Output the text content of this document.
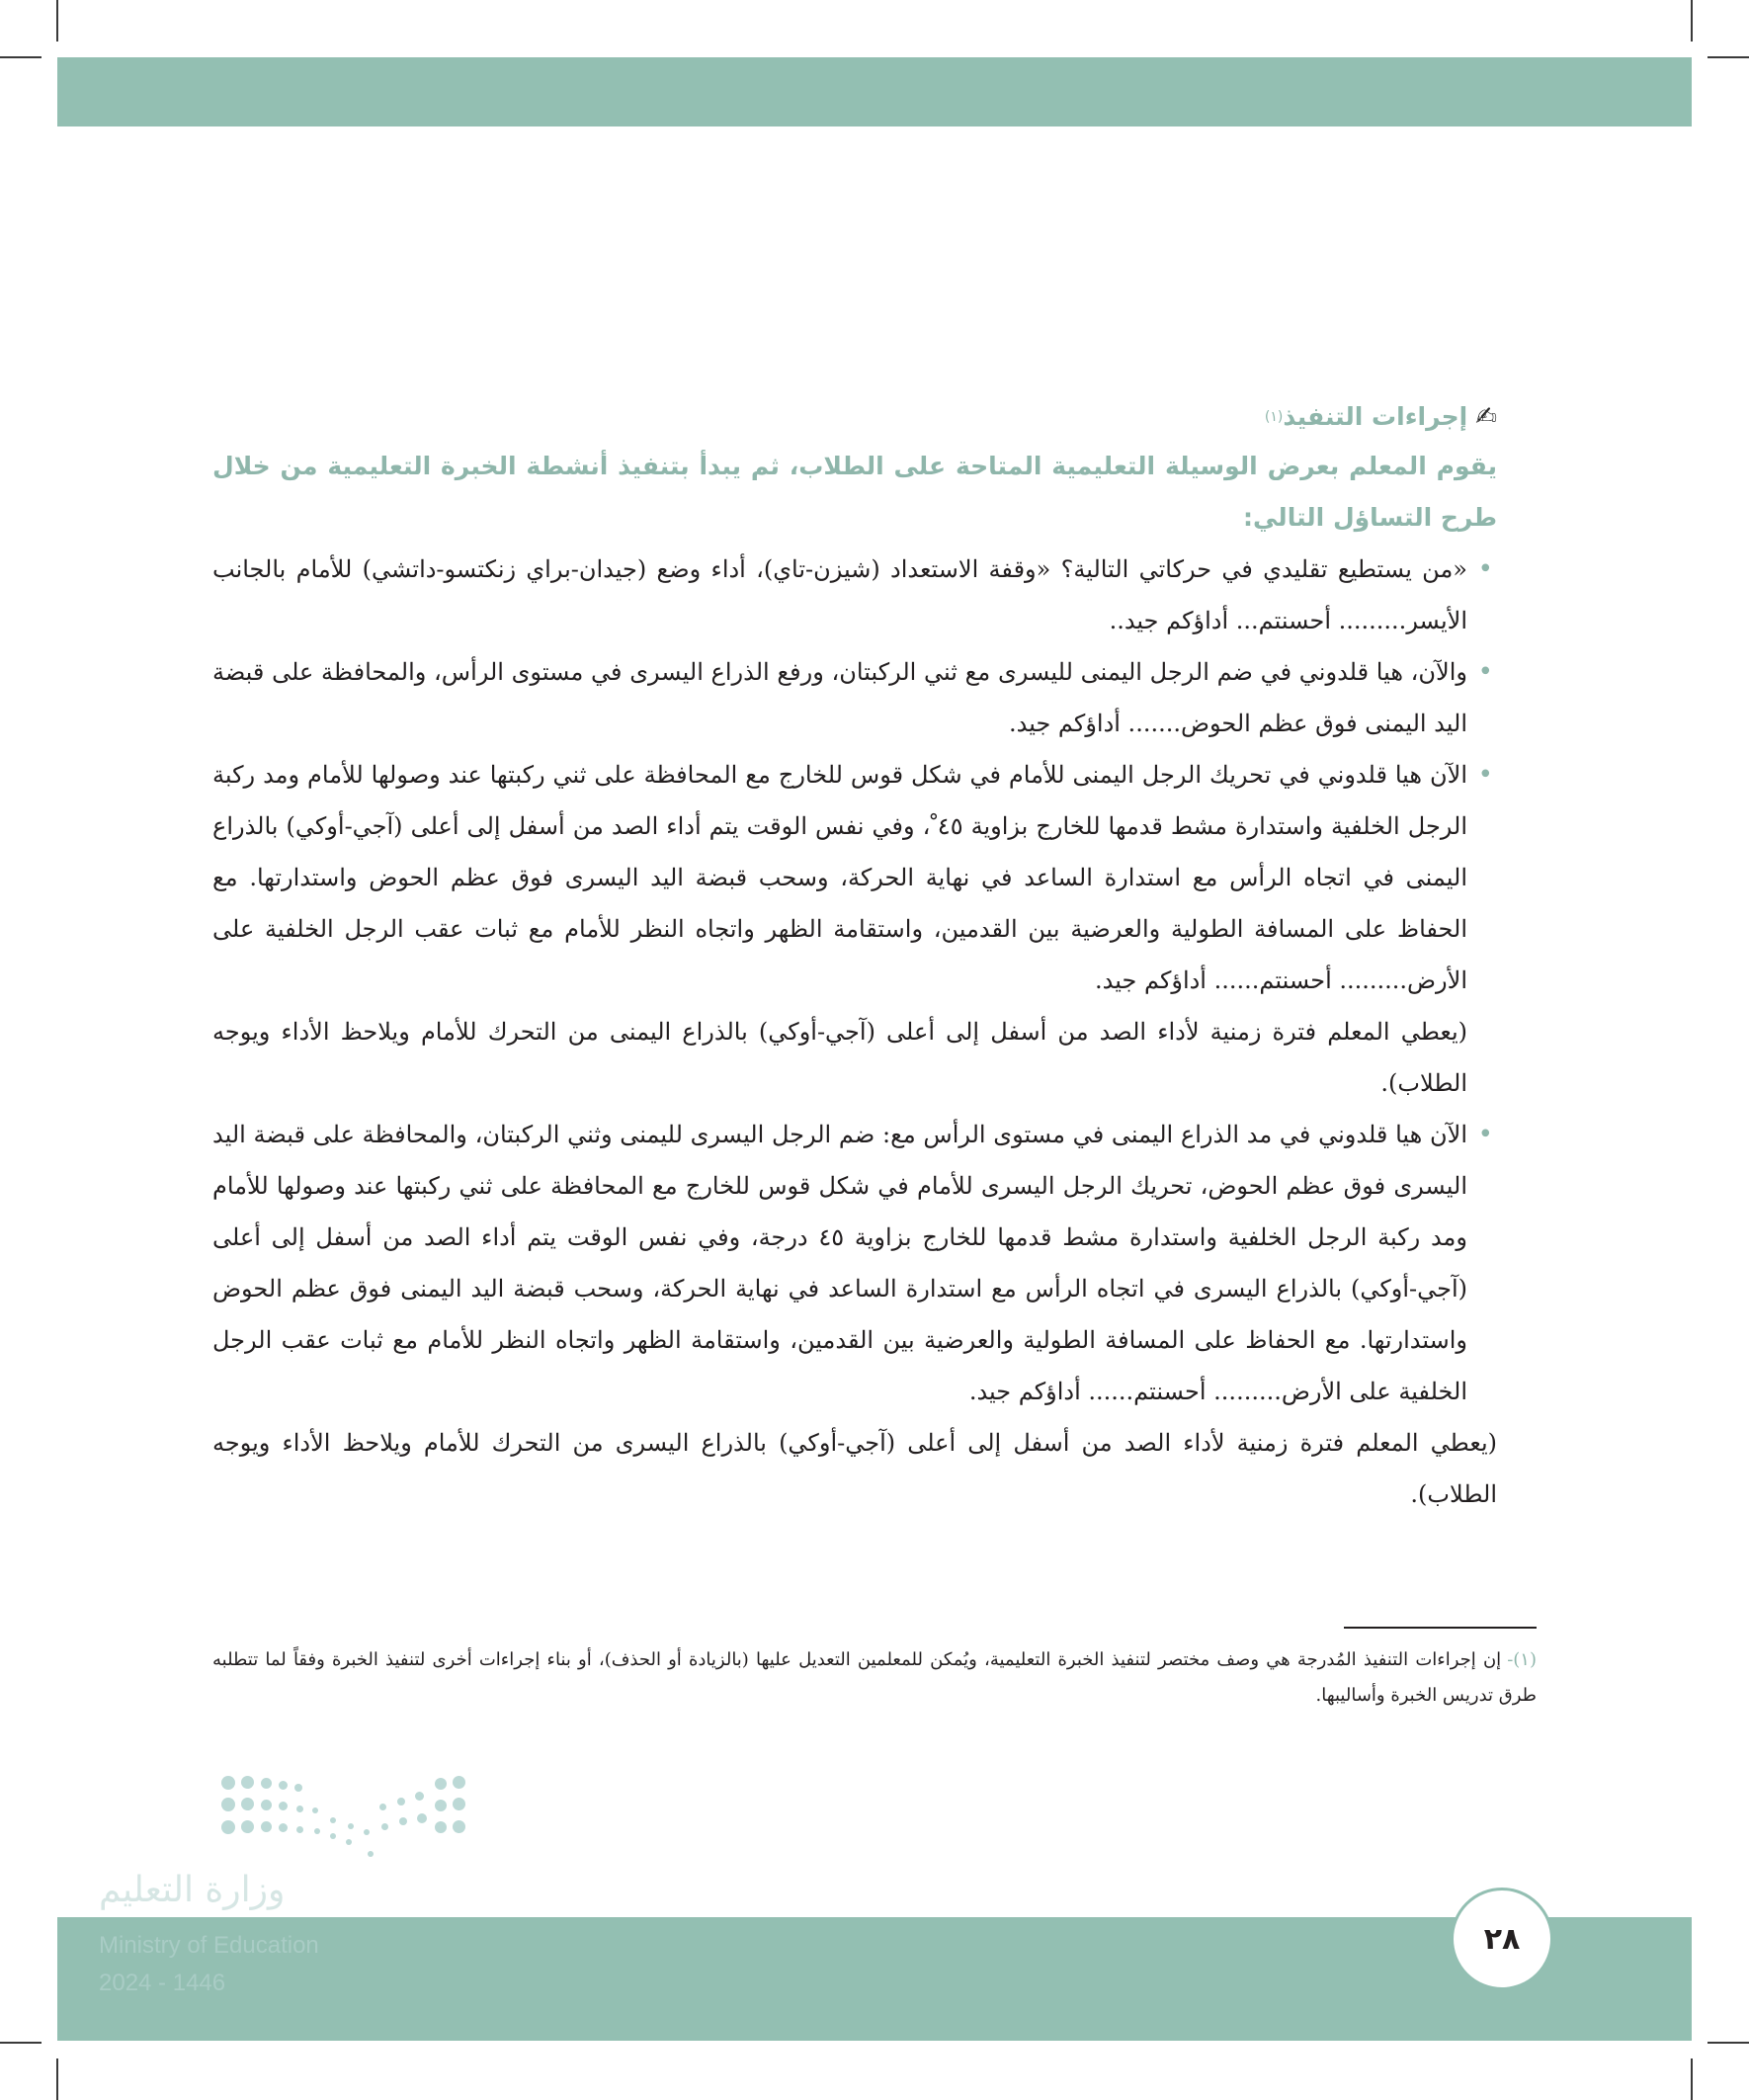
✍إجراءات التنفيذ$^{(١)}$

يقوم المعلم بعرض الوسيلة التعليمية المتاحة على الطلاب، ثم يبدأ بتنفيذ أنشطة الخبرة التعليمية من خلال طرح التساؤل التالي:

• «من يستطيع تقليدي في حركاتي التالية؟ «وقفة الاستعداد (شيزن-تاي)، أداء وضع (جيدان-براي زنكتسو-داتشي) للأمام بالجانب الأيسر......... أحسنتم... أداؤكم جيد..

• والآن، هيا قلدوني في ضم الرجل اليمنى لليسرى مع ثني الركبتان، ورفع الذراع اليسرى في مستوى الرأس، والمحافظة على قبضة اليد اليمنى فوق عظم الحوض....... أداؤكم جيد.

• الآن هيا قلدوني في تحريك الرجل اليمنى للأمام في شكل قوس للخارج مع المحافظة على ثني ركبتها عند وصولها للأمام ومد ركبة الرجل الخلفية واستدارة مشط قدمها للخارج بزاوية ٤٥ ْ، وفي نفس الوقت يتم أداء الصد من أسفل إلى أعلى (آجي-أوكي) بالذراع اليمنى في اتجاه الرأس مع استدارة الساعد في نهاية الحركة، وسحب قبضة اليد اليسرى فوق عظم الحوض واستدارتها. مع الحفاظ على المسافة الطولية والعرضية بين القدمين، واستقامة الظهر واتجاه النظر للأمام مع ثبات عقب الرجل الخلفية على الأرض......... أحسنتم...... أداؤكم جيد.

(يعطي المعلم فترة زمنية لأداء الصد من أسفل إلى أعلى (آجي-أوكي) بالذراع اليمنى من التحرك للأمام ويلاحظ الأداء ويوجه الطلاب).

• الآن هيا قلدوني في مد الذراع اليمنى في مستوى الرأس مع: ضم الرجل اليسرى لليمنى وثني الركبتان، والمحافظة على قبضة اليد اليسرى فوق عظم الحوض، تحريك الرجل اليسرى للأمام في شكل قوس للخارج مع المحافظة على ثني ركبتها عند وصولها للأمام ومد ركبة الرجل الخلفية واستدارة مشط قدمها للخارج بزاوية ٤٥ درجة، وفي نفس الوقت يتم أداء الصد من أسفل إلى أعلى (آجي-أوكي) بالذراع اليسرى في اتجاه الرأس مع استدارة الساعد في نهاية الحركة، وسحب قبضة اليد اليمنى فوق عظم الحوض واستدارتها. مع الحفاظ على المسافة الطولية والعرضية بين القدمين، واستقامة الظهر واتجاه النظر للأمام مع ثبات عقب الرجل الخلفية على الأرض......... أحسنتم...... أداؤكم جيد.

(يعطي المعلم فترة زمنية لأداء الصد من أسفل إلى أعلى (آجي-أوكي) بالذراع اليسرى من التحرك للأمام ويلاحظ الأداء ويوجه الطلاب).

(١)-إن إجراءات التنفيذ المُدرجة هي وصف مختصر لتنفيذ الخبرة التعليمية، ويُمكن للمعلمين التعديل عليها (بالزيادة أو الحذف)، أو بناء إجراءات أخرى لتنفيذ الخبرة وفقاً لما تتطلبه طرق تدريس الخبرة وأساليبها.
وزارة التعليم
Ministry of Education
2024 - 1446
٢٨
